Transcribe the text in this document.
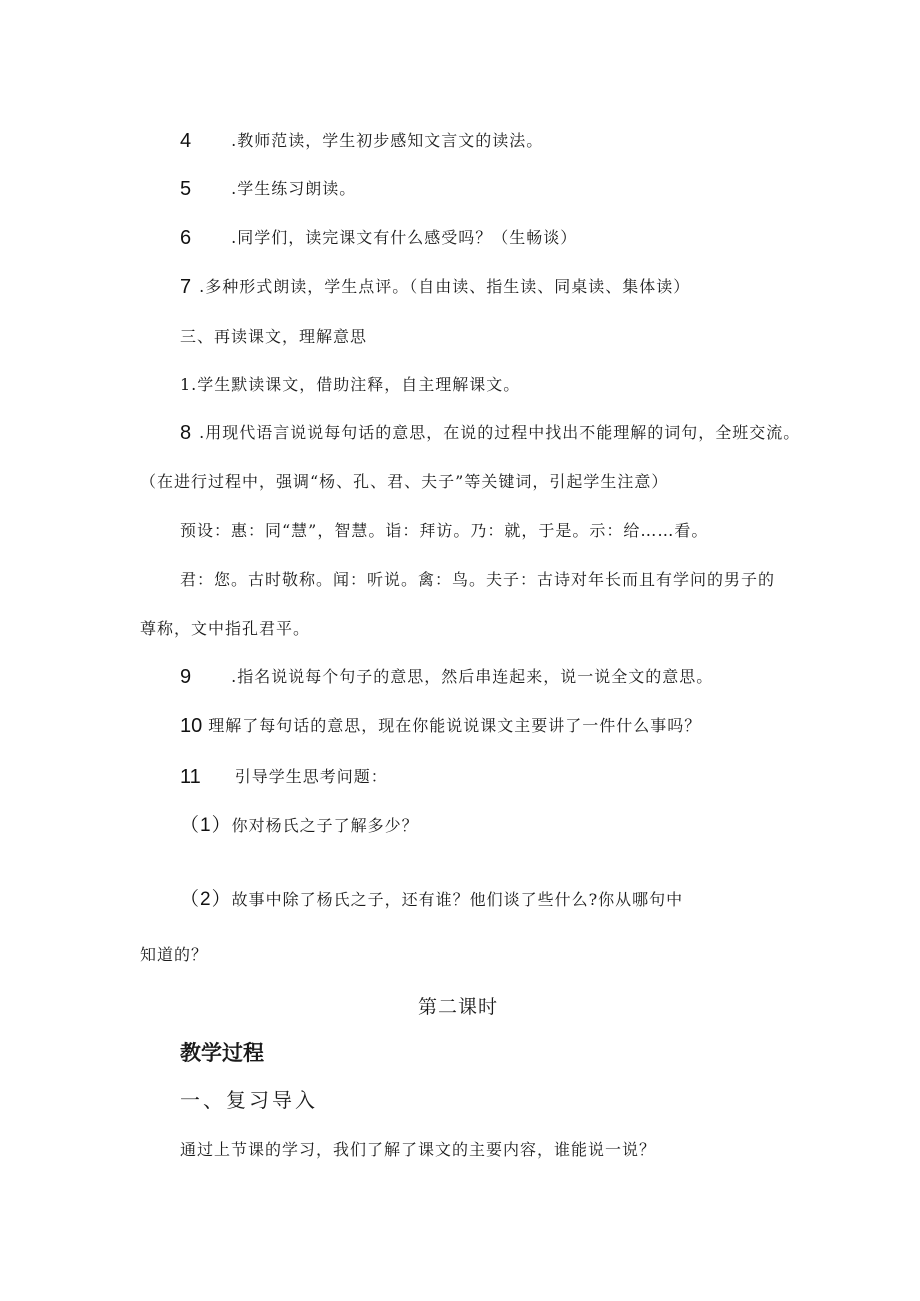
4	.教师范读，学生初步感知文言文的读法。
5	.学生练习朗读。
6	.同学们，读完课文有什么感受吗？（生畅谈）
7 .多种形式朗读，学生点评。（自由读、指生读、同桌读、集体读）
三、再读课文，理解意思
1.学生默读课文，借助注释，自主理解课文。
8 .用现代语言说说每句话的意思，在说的过程中找出不能理解的词句，全班交流。
（在进行过程中，强调“杨、孔、君、夫子”等关键词，引起学生注意）
预设：惠：同“慧”，智慧。诣：拜访。乃：就，于是。示：给……看。
君：您。古时敬称。闻：听说。禽：鸟。夫子：古诗对年长而且有学问的男子的
尊称，文中指孔君平。
9	.指名说说每个句子的意思，然后串连起来，说一说全文的意思。
10 理解了每句话的意思，现在你能说说课文主要讲了一件什么事吗？
11 引导学生思考问题：
（1）你对杨氏之子了解多少？
（2）故事中除了杨氏之子，还有谁？他们谈了些什么?你从哪句中
知道的？
第二课时
教学过程
一、复习导入
通过上节课的学习，我们了解了课文的主要内容，谁能说一说？
